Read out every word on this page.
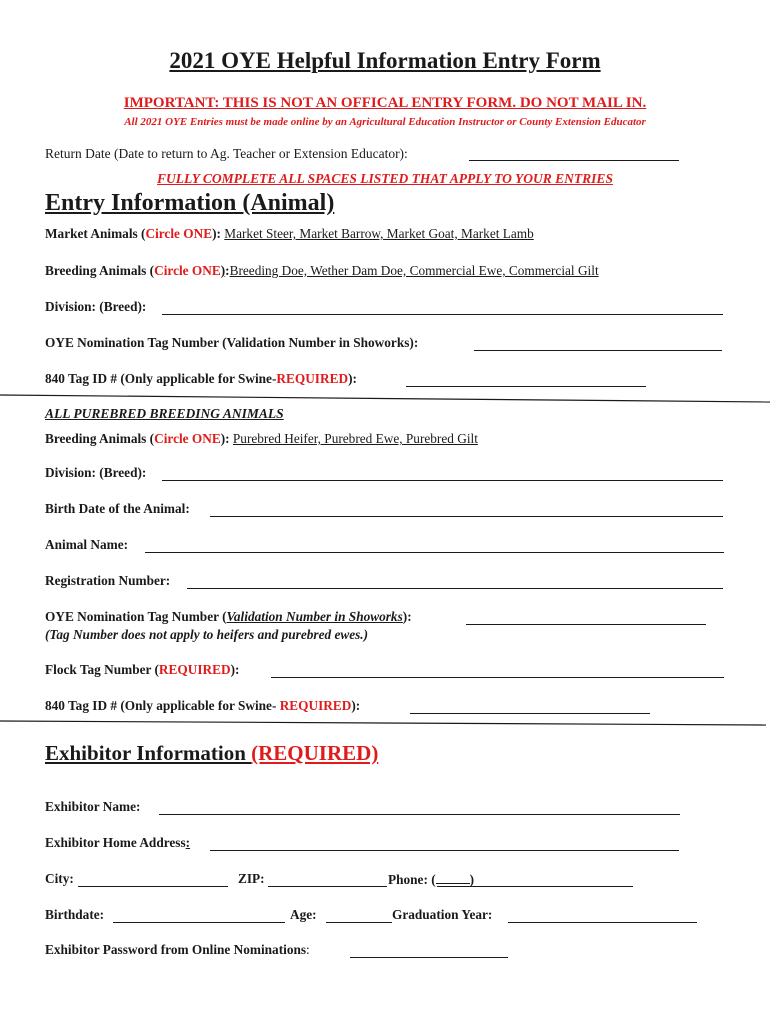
2021 OYE Helpful Information Entry Form
IMPORTANT: THIS IS NOT AN OFFICAL ENTRY FORM. DO NOT MAIL IN.
All 2021 OYE Entries must be made online by an Agricultural Education Instructor or County Extension Educator
Return Date (Date to return to Ag. Teacher or Extension Educator):
FULLY COMPLETE ALL SPACES LISTED THAT APPLY TO YOUR ENTRIES
Entry Information (Animal)
Market Animals (Circle ONE): Market Steer, Market Barrow, Market Goat, Market Lamb
Breeding Animals (Circle ONE):Breeding Doe, Wether Dam Doe, Commercial Ewe, Commercial Gilt
Division: (Breed):
OYE Nomination Tag Number (Validation Number in Showorks):
840 Tag ID # (Only applicable for Swine-REQUIRED):
ALL PUREBRED BREEDING ANIMALS
Breeding Animals (Circle ONE): Purebred Heifer, Purebred Ewe, Purebred Gilt
Division: (Breed):
Birth Date of the Animal:
Animal Name:
Registration Number:
OYE Nomination Tag Number (Validation Number in Showorks):
(Tag Number does not apply to heifers and purebred ewes.)
Flock Tag Number (REQUIRED):
840 Tag ID # (Only applicable for Swine- REQUIRED):
Exhibitor Information (REQUIRED)
Exhibitor Name:
Exhibitor Home Address:
City:	ZIP:	Phone: (	)
Birthdate:	Age:	Graduation Year:
Exhibitor Password from Online Nominations:
